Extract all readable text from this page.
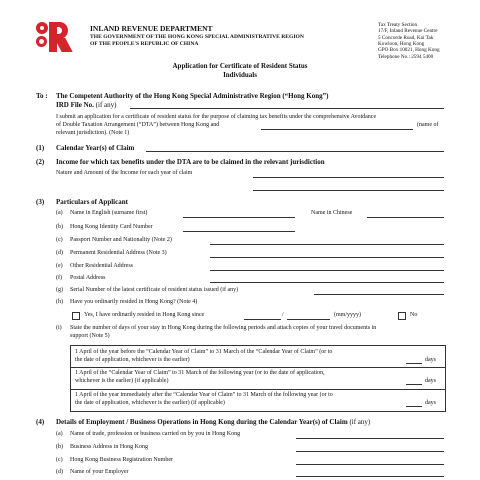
INLAND REVENUE DEPARTMENT
THE GOVERNMENT OF THE HONG KONG SPECIAL ADMINISTRATIVE REGION
OF THE PEOPLE'S REPUBLIC OF CHINA
Tax Treaty Section
17/F, Inland Revenue Centre
5 Concorde Road, Kai Tak
Kowloon, Hong Kong
GPO Box 10021, Hong Kong
Telephone No.: 2594 5400
Application for Certificate of Resident Status
Individuals
To : The Competent Authority of the Hong Kong Special Administrative Region (“Hong Kong”)
IRD File No. (if any)
I submit an application for a certificate of resident status for the purpose of claiming tax benefits under the comprehensive Avoidance
of Double Taxation Arrangement (“DTA”) between Hong Kong and	(name of
relevant jurisdiction). (Note 1)
(1) Calendar Year(s) of Claim
(2) Income for which tax benefits under the DTA are to be claimed in the relevant jurisdiction
Nature and Amount of the Income for each year of claim
(3) Particulars of Applicant
(a) Name in English (surname first)	Name in Chinese
(b) Hong Kong Identity Card Number
(c) Passport Number and Nationality (Note 2)
(d) Permanent Residential Address (Note 3)
(e) Other Residential Address
(f) Postal Address
(g) Serial Number of the latest certificate of resident status issued (if any)
(h) Have you ordinarily resided in Hong Kong? (Note 4)
Yes, I have ordinarily resided in Hong Kong since	/	(mm/yyyy)	No
(i) State the number of days of your stay in Hong Kong during the following periods and attach copies of your travel documents in
support (Note 5)
1 April of the year before the “Calendar Year of Claim” to 31 March of the “Calendar Year of Claim” (or to
the date of application, whichever is the earlier)	days
1 April of the “Calendar Year of Claim” to 31 March of the following year (or to the date of application,
whichever is the earlier) (if applicable)	days
1 April of the year immediately after the “Calendar Year of Claim” to 31 March of the following year (or to
the date of application, whichever is the earlier) (if applicable)	days
(4) Details of Employment / Business Operations in Hong Kong during the Calendar Year(s) of Claim (if any)
(a) Name of trade, profession or business carried on by you in Hong Kong
(b) Business Address in Hong Kong
(c) Hong Kong Business Registration Number
(d) Name of your Employer
